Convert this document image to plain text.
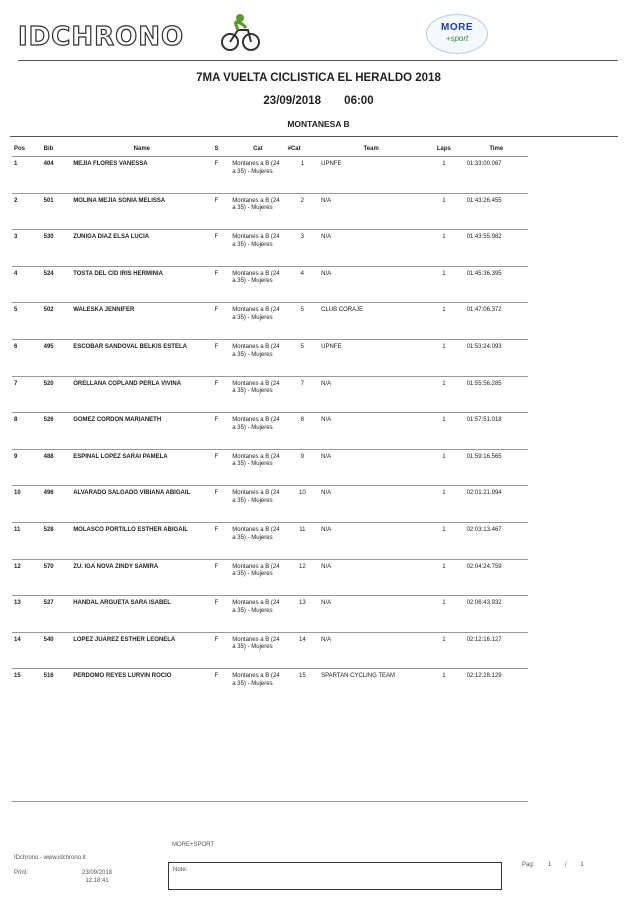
IDCHRONO	MORE
+sport
7MA VUELTA CICLISTICA EL HERALDO 2018
23/09/2018 06:00
MONTANESA B
Pos	Bib	Name	S	Cat	#Cat	Team	Laps	Time
1	404	MEJIA FLORES VANESSA	F	Montanes a B (24 a 35) - Mujeres	1	UPNFE	1	01:33:00.067
2	501	MOLINA MEJIA SONIA MELISSA	F	Montanes a B (24 a 35) - Mujeres	2	N/A	1	01:43:26.455
3	530	ZUNIGA DIAZ ELSA LUCIA	F	Montanes a B (24 a 35) - Mujeres	3	N/A	1	01:43:55.982
4	524	TOSTA DEL CID IRIS HERMINIA	F	Montanes a B (24 a 35) - Mujeres	4	N/A	1	01:45:36.395
5	502	WALESKA JENNIFER	F	Montanes a B (24 a 35) - Mujeres	5	CLUB CORAJE	1	01:47:06.372
6	495	ESCOBAR SANDOVAL BELKIS ESTELA	F	Montanes a B (24 a 35) - Mujeres	5	UPNFE	1	01:53:24.093
7	520	ORELLANA COPLAND PERLA VIVINA	F	Montanes a B (24 a 35) - Mujeres	7	N/A	1	01:55:56.285
8	526	GOMEZ CORDON MARIANETH	F	Montanes a B (24 a 35) - Mujeres	8	N/A	1	01:57:51.018
9	488	ESPINAL LOPEZ SARAI PAMELA	F	Montanes a B (24 a 35) - Mujeres	9	N/A	1	01:59:16.565
10	496	ALVARADO SALGADO VIBIANA ABIGAIL	F	Montanes a B (24 a 35) - Mujeres	10	N/A	1	02:01:21.994
11	528	MOLASCO PORTILLO ESTHER ABIGAIL	F	Montanes a B (24 a 35) - Mujeres	11	N/A	1	02:03:13.467
12	570	ZU. IGA NOVA ZINDY SAMIRA	F	Montanes a B (24 a 35) - Mujeres	12	N/A	1	02:04:24.759
13	527	HANDAL ARGUETA SARA ISABEL	F	Montanes a B (24 a 35) - Mujeres	13	N/A	1	02:06:43.932
14	540	LOPEZ JUAREZ ESTHER LEONELA	F	Montanes a B (24 a 35) - Mujeres	14	N/A	1	02:12:16.127
15	516	PERDOMO REYES LURVIN ROCIO	F	Montanes a B (24 a 35) - Mujeres	15	SPARTAN CYCLING TEAM	1	02:12:28.129
MORE+SPORT
IDchrono - www.idchrono.it
Print:	23/09/2018
12:18:41
Note:
Pag: 1 / 1
